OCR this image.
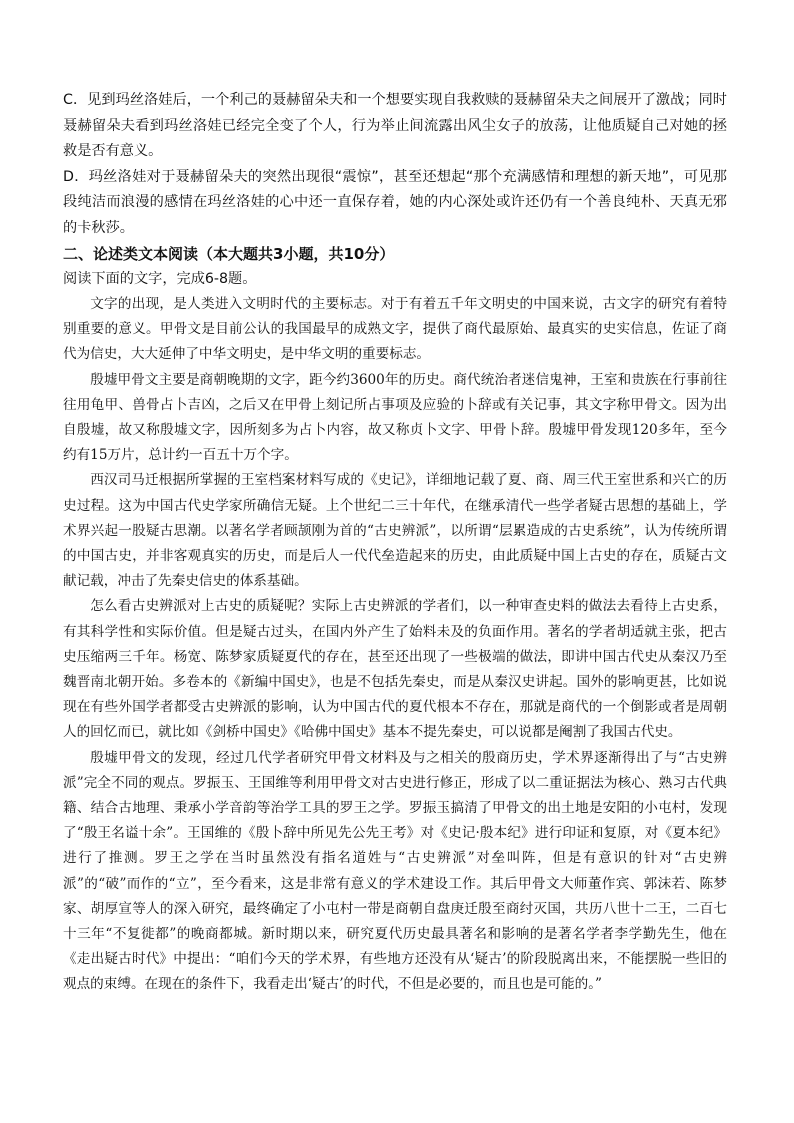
C．见到玛丝洛娃后，一个利己的聂赫留朵夫和一个想要实现自我救赎的聂赫留朵夫之间展开了激战；同时聂赫留朵夫看到玛丝洛娃已经完全变了个人，行为举止间流露出风尘女子的放荡，让他质疑自己对她的拯救是否有意义。

D．玛丝洛娃对于聂赫留朵夫的突然出现很“震惊”，甚至还想起“那个充满感情和理想的新天地”，可见那段纯洁而浪漫的感情在玛丝洛娃的心中还一直保存着，她的内心深处或许还仍有一个善良纯朴、天真无邪的卡秋莎。

二、论述类文本阅读（本大题共3小题，共10分）

阅读下面的文字，完成6-8题。

文字的出现，是人类进入文明时代的主要标志。对于有着五千年文明史的中国来说，古文字的研究有着特别重要的意义。甲骨文是目前公认的我国最早的成熟文字，提供了商代最原始、最真实的史实信息，佐证了商代为信史，大大延伸了中华文明史，是中华文明的重要标志。

殷墟甲骨文主要是商朝晚期的文字，距今约3600年的历史。商代统治者迷信鬼神，王室和贵族在行事前往往用龟甲、兽骨占卜吉凶，之后又在甲骨上刻记所占事项及应验的卜辞或有关记事，其文字称甲骨文。因为出自殷墟，故又称殷墟文字，因所刻多为占卜内容，故又称贞卜文字、甲骨卜辞。殷墟甲骨发现120多年，至今约有15万片，总计约一百五十万个字。

西汉司马迁根据所掌握的王室档案材料写成的《史记》，详细地记载了夏、商、周三代王室世系和兴亡的历史过程。这为中国古代史学家所确信无疑。上个世纪二三十年代，在继承清代一些学者疑古思想的基础上，学术界兴起一股疑古思潮。以著名学者顾颉刚为首的“古史辨派”，以所谓“层累造成的古史系统”，认为传统所谓的中国古史，并非客观真实的历史，而是后人一代代垒造起来的历史，由此质疑中国上古史的存在，质疑古文献记载，冲击了先秦史信史的体系基础。

怎么看古史辨派对上古史的质疑呢？实际上古史辨派的学者们，以一种审查史料的做法去看待上古史系，有其科学性和实际价值。但是疑古过头，在国内外产生了始料未及的负面作用。著名的学者胡适就主张，把古史压缩两三千年。杨宽、陈梦家质疑夏代的存在，甚至还出现了一些极端的做法，即讲中国古代史从秦汉乃至魏晋南北朝开始。多卷本的《新编中国史》，也是不包括先秦史，而是从秦汉史讲起。国外的影响更甚，比如说现在有些外国学者都受古史辨派的影响，认为中国古代的夏代根本不存在，那就是商代的一个倒影或者是周朝人的回忆而已，就比如《剑桥中国史》《哈佛中国史》基本不提先秦史，可以说都是阉割了我国古代史。

殷墟甲骨文的发现，经过几代学者研究甲骨文材料及与之相关的殷商历史，学术界逐渐得出了与“古史辨派”完全不同的观点。罗振玉、王国维等利用甲骨文对古史进行修正，形成了以二重证据法为核心、熟习古代典籍、结合古地理、秉承小学音韵等治学工具的罗王之学。罗振玉搞清了甲骨文的出土地是安阳的小屯村，发现了“殷王名谥十余”。王国维的《殷卜辞中所见先公先王考》对《史记·殷本纪》进行印证和复原，对《夏本纪》进行了推测。罗王之学在当时虽然没有指名道姓与“古史辨派”对垒叫阵，但是有意识的针对“古史辨派”的“破”而作的“立”，至今看来，这是非常有意义的学术建设工作。其后甲骨文大师董作宾、郭沫若、陈梦家、胡厚宣等人的深入研究，最终确定了小屯村一带是商朝自盘庚迁殷至商纣灭国，共历八世十二王，二百七十三年“不复徙都”的晚商都城。新时期以来，研究夏代历史最具著名和影响的是著名学者李学勤先生，他在《走出疑古时代》中提出：“咱们今天的学术界，有些地方还没有从‘疑古’的阶段脱离出来，不能摆脱一些旧的观点的束缚。在现在的条件下，我看走出‘疑古’的时代，不但是必要的，而且也是可能的。”
